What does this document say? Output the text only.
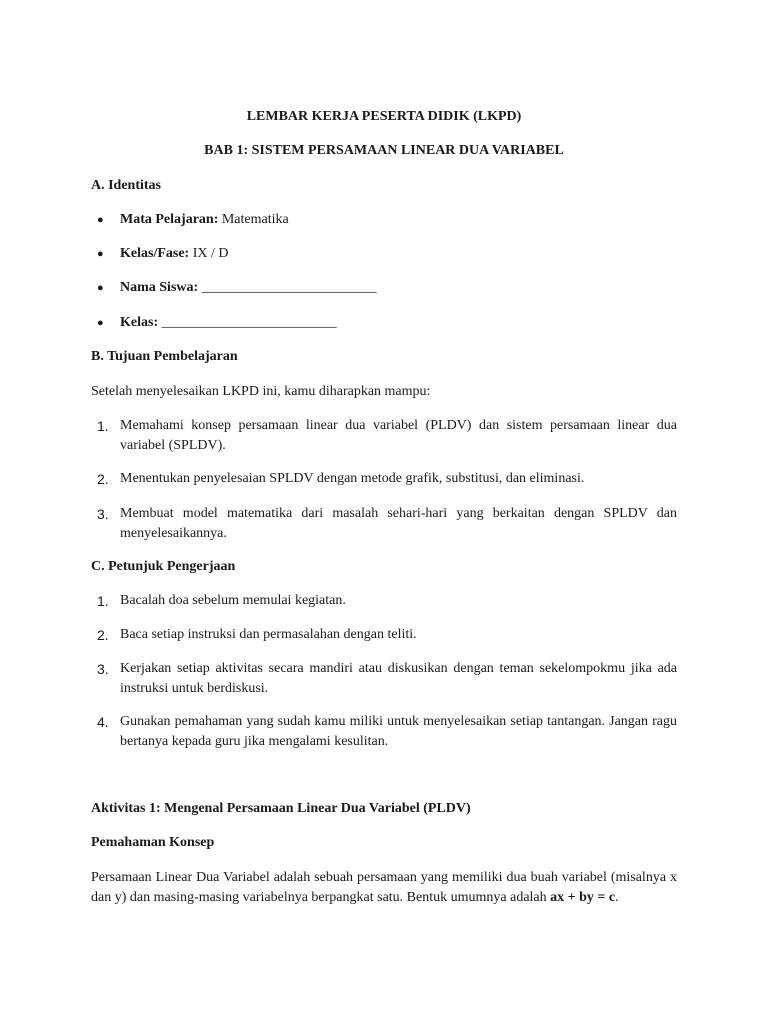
LEMBAR KERJA PESERTA DIDIK (LKPD)
BAB 1: SISTEM PERSAMAAN LINEAR DUA VARIABEL
A. Identitas
● Mata Pelajaran: Matematika
● Kelas/Fase: IX / D
● Nama Siswa: _________________________
● Kelas: _________________________
B. Tujuan Pembelajaran
Setelah menyelesaikan LKPD ini, kamu diharapkan mampu:
1. Memahami konsep persamaan linear dua variabel (PLDV) dan sistem persamaan linear dua variabel (SPLDV).
2. Menentukan penyelesaian SPLDV dengan metode grafik, substitusi, dan eliminasi.
3. Membuat model matematika dari masalah sehari-hari yang berkaitan dengan SPLDV dan menyelesaikannya.
C. Petunjuk Pengerjaan
1. Bacalah doa sebelum memulai kegiatan.
2. Baca setiap instruksi dan permasalahan dengan teliti.
3. Kerjakan setiap aktivitas secara mandiri atau diskusikan dengan teman sekelompokmu jika ada instruksi untuk berdiskusi.
4. Gunakan pemahaman yang sudah kamu miliki untuk menyelesaikan setiap tantangan. Jangan ragu bertanya kepada guru jika mengalami kesulitan.
Aktivitas 1: Mengenal Persamaan Linear Dua Variabel (PLDV)
Pemahaman Konsep
Persamaan Linear Dua Variabel adalah sebuah persamaan yang memiliki dua buah variabel (misalnya x dan y) dan masing-masing variabelnya berpangkat satu. Bentuk umumnya adalah ax + by = c.
